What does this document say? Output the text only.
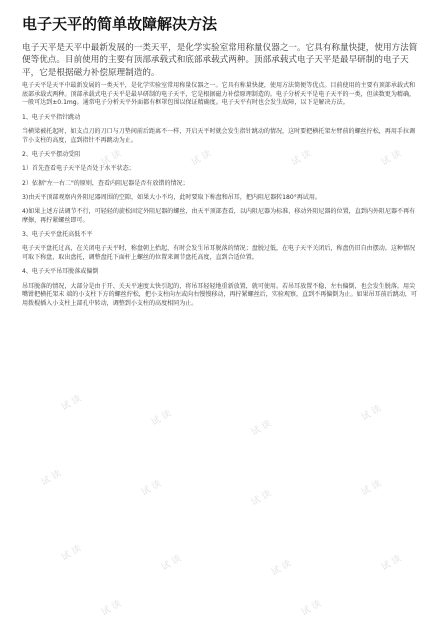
试读	试读	试读	试读
试读
试读	试读
试读
试读	试读	试读	试读
试读	试读	试读	试读
试读	试读
电子天平的简单故障解决方法

电子天平是天平中最新发展的一类天平，是化学实验室常用称量仪器之一。它具有称量快捷，使用方法简便等优点。目前使用的主要有顶部承载式和底部承载式两种。顶部承载式电子天平是最早研制的电子天平，它是根据磁力补偿原理制造的。

电子天平是天平中最新发展的一类天平，是化学实验室常用称量仪器之一。它具有称量快捷，使用方法简便等优点。目前使用的主要有顶部承载式和底部承载式两种。顶部承载式电子天平是最早研制的电子天平，它是根据磁力补偿原理制造的。电子分析天平是电子天平的一类，但读数更为精确，一般可达到±0.1mg。通常电子分析天平外面都有框罩包围以保证精确度。电子天平有时也会发生故障，以下是解决方法。

1、电子天平指针跳动

当横梁被托起时，如支点刀的刀口与刀垫间前后距离不一样，开启天平时就会发生指针跳动的情况，这时要把横托架左臂前的螺丝拧松，再用手拉调节小支柱的高度，直到指针不再跳动为止。

2、电子天平摆动受阻

1）首先查看电子天平是否处于水平状态；

2）依据"左一右二"的原则，查看内阻尼器是否有放错的情况；

3)由天平顶部观察内外阻尼器周围的空隙，如果大小不均，此时要取下称盘和吊耳，把内阻尼器转180°再试用。

4)如果上述方法调节不行，可轻轻的旋松固定外阻尼器的螺丝，由天平顶部查看，以内阻尼器为标准，移动外阻尼器的位置，直到内外阻尼器不再有摩擦，再拧紧螺丝即可。

3、电子天平盘托高低不平

电子天平盘托过高，在关闭电子天平时，称盘朝上抬起，有时会发生吊耳脱落的情况；盘脱过低，在电子天平关闭后，称盘仍旧自由摆动。这种情况可取下称盘，取出盘托，调整盘托下面杆上螺丝的位置来调节盘托高度，直到合适位置。

4、电子天平吊耳脱落或偏倒

吊耳脱落的情况，大部分是由于开、关天平速度太快引起的，将吊耳轻轻地重新放置，就可使用。若吊耳放置不稳，左右偏倒，也会发生脱落。用尖嘴钳把横托架末 端的小支柱下方的螺丝拧松，把小支柱向左或向右慢慢移动，再拧紧螺丝后，实验观察，直到不再偏倒为止。如果吊耳前后跳动，可用拨棍插入小支柱上部孔中转动，调整到小支柱的高度相同为止。
